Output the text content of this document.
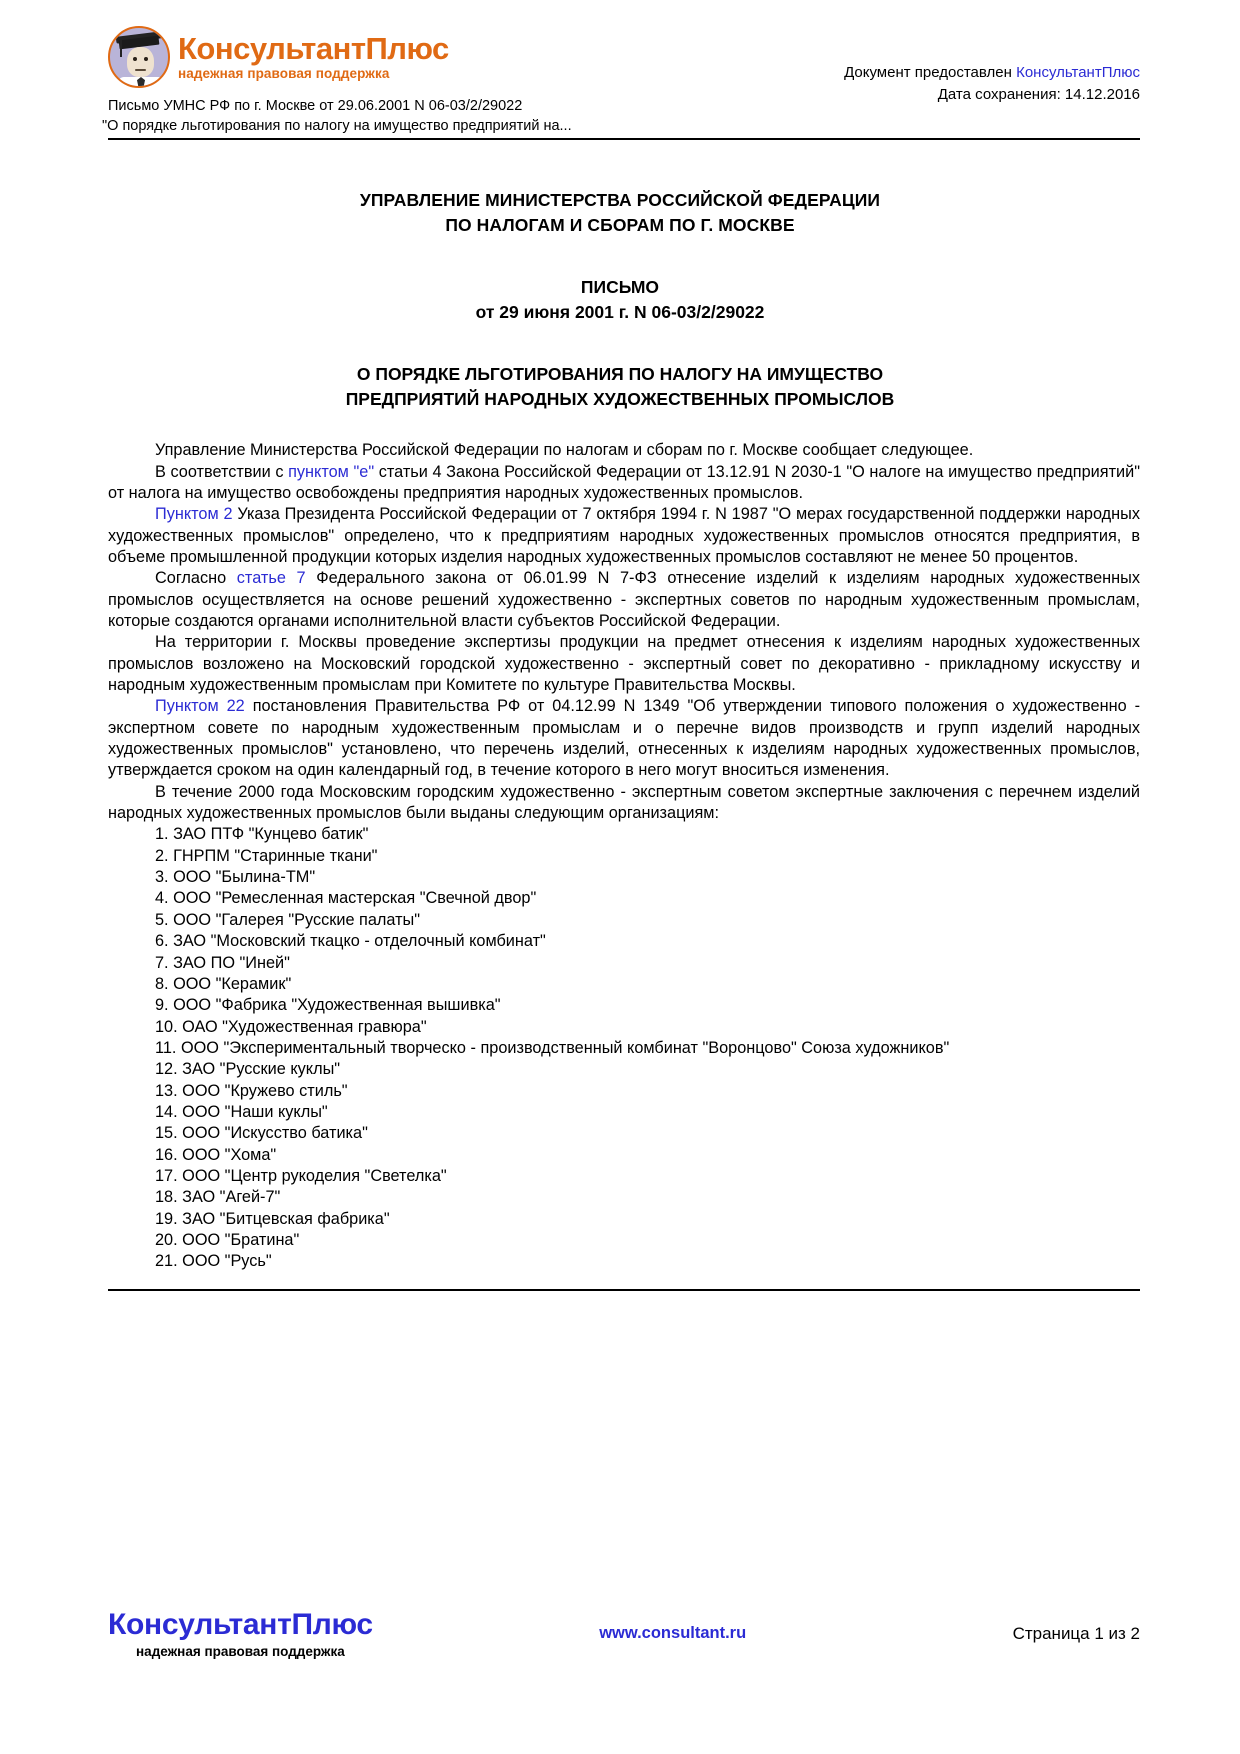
КонсультантПлюс
надежная правовая поддержка
Письмо УМНС РФ по г. Москве от 29.06.2001 N 06-03/2/29022
"О порядке льготирования по налогу на имущество предприятий на...
Документ предоставлен КонсультантПлюс
Дата сохранения: 14.12.2016
УПРАВЛЕНИЕ МИНИСТЕРСТВА РОССИЙСКОЙ ФЕДЕРАЦИИ
ПО НАЛОГАМ И СБОРАМ ПО Г. МОСКВЕ
ПИСЬМО
от 29 июня 2001 г. N 06-03/2/29022
О ПОРЯДКЕ ЛЬГОТИРОВАНИЯ ПО НАЛОГУ НА ИМУЩЕСТВО
ПРЕДПРИЯТИЙ НАРОДНЫХ ХУДОЖЕСТВЕННЫХ ПРОМЫСЛОВ

Управление Министерства Российской Федерации по налогам и сборам по г. Москве сообщает следующее.

В соответствии с пунктом "е" статьи 4 Закона Российской Федерации от 13.12.91 N 2030-1 "О налоге на имущество предприятий" от налога на имущество освобождены предприятия народных художественных промыслов.

Пунктом 2 Указа Президента Российской Федерации от 7 октября 1994 г. N 1987 "О мерах государственной поддержки народных художественных промыслов" определено, что к предприятиям народных художественных промыслов относятся предприятия, в объеме промышленной продукции которых изделия народных художественных промыслов составляют не менее 50 процентов.

Согласно статье 7 Федерального закона от 06.01.99 N 7-ФЗ отнесение изделий к изделиям народных художественных промыслов осуществляется на основе решений художественно - экспертных советов по народным художественным промыслам, которые создаются органами исполнительной власти субъектов Российской Федерации.

На территории г. Москвы проведение экспертизы продукции на предмет отнесения к изделиям народных художественных промыслов возложено на Московский городской художественно - экспертный совет по декоративно - прикладному искусству и народным художественным промыслам при Комитете по культуре Правительства Москвы.

Пунктом 22 постановления Правительства РФ от 04.12.99 N 1349 "Об утверждении типового положения о художественно - экспертном совете по народным художественным промыслам и о перечне видов производств и групп изделий народных художественных промыслов" установлено, что перечень изделий, отнесенных к изделиям народных художественных промыслов, утверждается сроком на один календарный год, в течение которого в него могут вноситься изменения.

В течение 2000 года Московским городским художественно - экспертным советом экспертные заключения с перечнем изделий народных художественных промыслов были выданы следующим организациям:

1. ЗАО ПТФ "Кунцево батик"

2. ГНРПМ "Старинные ткани"

3. ООО "Былина-ТМ"

4. ООО "Ремесленная мастерская "Свечной двор"

5. ООО "Галерея "Русские палаты"

6. ЗАО "Московский ткацко - отделочный комбинат"

7. ЗАО ПО "Иней"

8. ООО "Керамик"

9. ООО "Фабрика "Художественная вышивка"

10. ОАО "Художественная гравюра"

11. ООО "Экспериментальный творческо - производственный комбинат "Воронцово" Союза художников"

12. ЗАО "Русские куклы"

13. ООО "Кружево стиль"

14. ООО "Наши куклы"

15. ООО "Искусство батика"

16. ООО "Хома"

17. ООО "Центр рукоделия "Светелка"

18. ЗАО "Агей-7"

19. ЗАО "Битцевская фабрика"

20. ООО "Братина"

21. ООО "Русь"

КонсультантПлюс
надежная правовая поддержка
www.consultant.ru	Страница 1 из 2
